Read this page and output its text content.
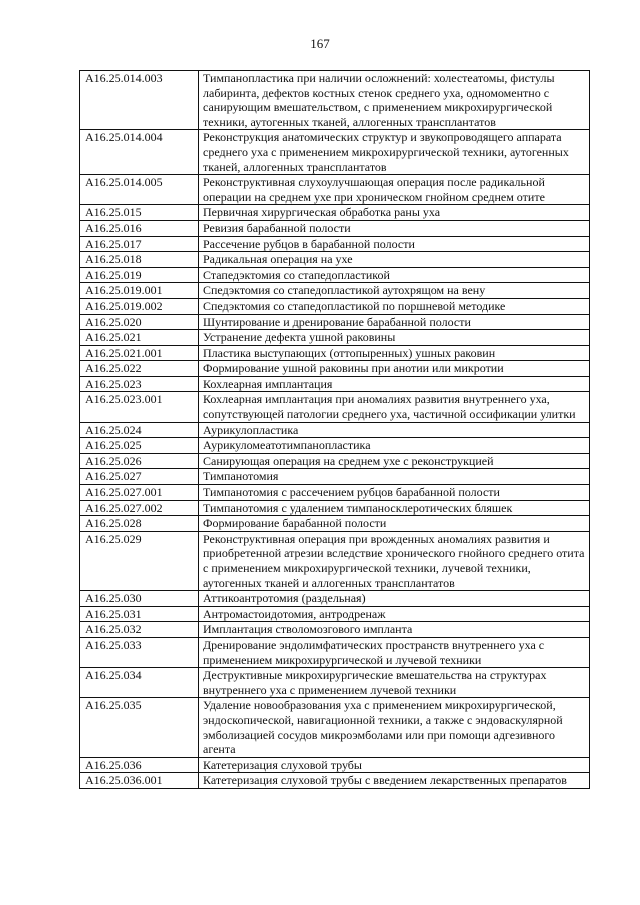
167
A16.25.014.003	Тимпанопластика при наличии осложнений: холестеатомы, фистулы лабиринта, дефектов костных стенок среднего уха, одномоментно с санирующим вмешательством, с применением микрохирургической техники, аутогенных тканей, аллогенных трансплантатов
A16.25.014.004	Реконструкция анатомических структур и звукопроводящего аппарата среднего уха с применением микрохирургической техники, аутогенных тканей, аллогенных трансплантатов
A16.25.014.005	Реконструктивная слухоулучшающая операция после радикальной операции на среднем ухе при хроническом гнойном среднем отите
A16.25.015	Первичная хирургическая обработка раны уха
A16.25.016	Ревизия барабанной полости
A16.25.017	Рассечение рубцов в барабанной полости
A16.25.018	Радикальная операция на ухе
A16.25.019	Стапедэктомия со стапедопластикой
A16.25.019.001	Спедэктомия со стапедопластикой аутохрящом на вену
A16.25.019.002	Спедэктомия со стапедопластикой по поршневой методике
A16.25.020	Шунтирование и дренирование барабанной полости
A16.25.021	Устранение дефекта ушной раковины
A16.25.021.001	Пластика выступающих (оттопыренных) ушных раковин
A16.25.022	Формирование ушной раковины при анотии или микротии
A16.25.023	Кохлеарная имплантация
A16.25.023.001	Кохлеарная имплантация при аномалиях развития внутреннего уха, сопутствующей патологии среднего уха, частичной оссификации улитки
A16.25.024	Аурикулопластика
A16.25.025	Аурикуломеатотимпанопластика
A16.25.026	Санирующая операция на среднем ухе с реконструкцией
A16.25.027	Тимпанотомия
A16.25.027.001	Тимпанотомия с рассечением рубцов барабанной полости
A16.25.027.002	Тимпанотомия с удалением тимпаносклеротических бляшек
A16.25.028	Формирование барабанной полости
A16.25.029	Реконструктивная операция при врожденных аномалиях развития и приобретенной атрезии вследствие хронического гнойного среднего отита с применением микрохирургической техники, лучевой техники, аутогенных тканей и аллогенных трансплантатов
A16.25.030	Аттикоантротомия (раздельная)
A16.25.031	Антромастоидотомия, антродренаж
A16.25.032	Имплантация стволомозгового импланта
A16.25.033	Дренирование эндолимфатических пространств внутреннего уха с применением микрохирургической и лучевой техники
A16.25.034	Деструктивные микрохирургические вмешательства на структурах внутреннего уха с применением лучевой техники
A16.25.035	Удаление новообразования уха с применением микрохирургической, эндоскопической, навигационной техники, а также с эндоваскулярной эмболизацией сосудов микроэмболами или при помощи адгезивного агента
A16.25.036	Катетеризация слуховой трубы
A16.25.036.001	Катетеризация слуховой трубы с введением лекарственных препаратов
